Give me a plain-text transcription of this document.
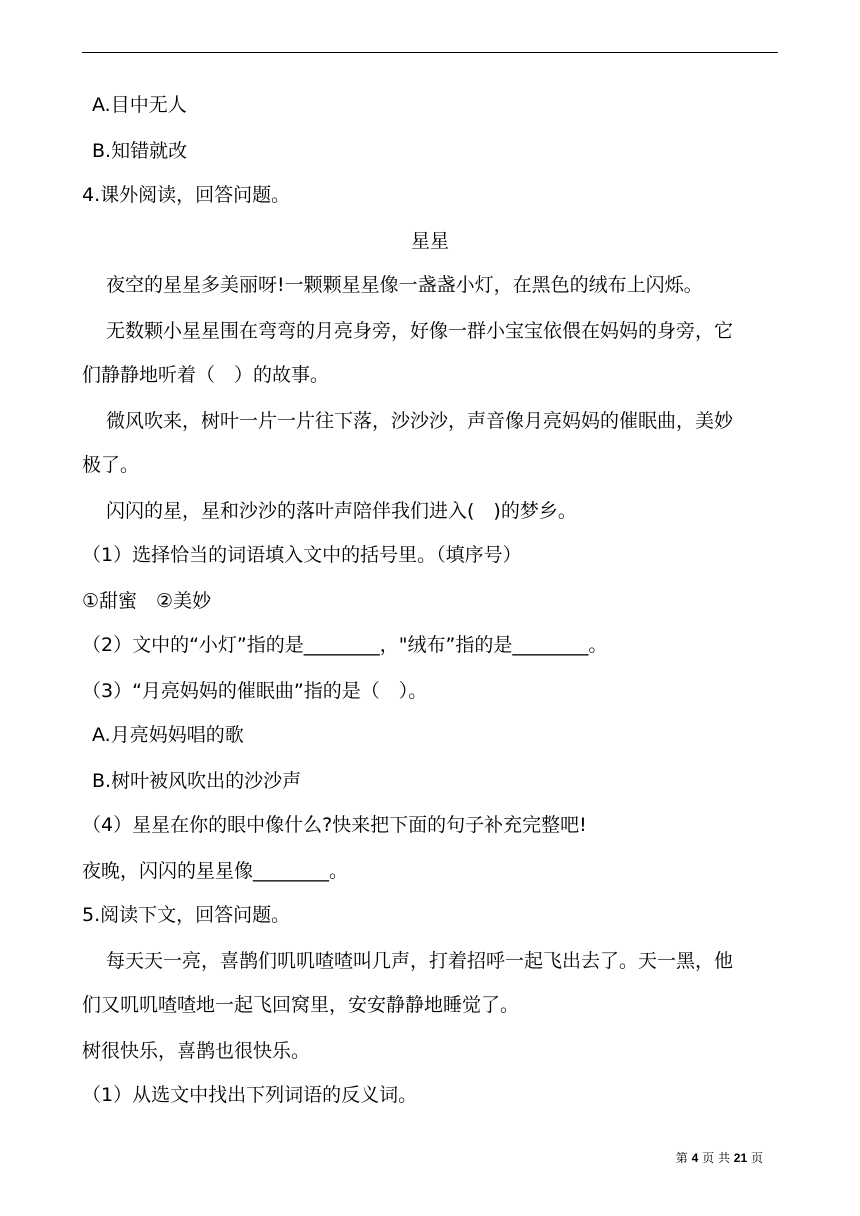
A.目中无人
B.知错就改
4.课外阅读，回答问题。
星星
夜空的星星多美丽呀!一颗颗星星像一盏盏小灯，在黑色的绒布上闪烁。
无数颗小星星围在弯弯的月亮身旁，好像一群小宝宝依偎在妈妈的身旁，它
们静静地听着（　）的故事。
微风吹来，树叶一片一片往下落，沙沙沙，声音像月亮妈妈的催眠曲，美妙
极了。
闪闪的星，星和沙沙的落叶声陪伴我们进入(　)的梦乡。
（1）选择恰当的词语填入文中的括号里。（填序号）
①甜蜜　②美妙
（2）文中的“小灯”指的是________，"绒布”指的是________。
（3）“月亮妈妈的催眠曲”指的是（　）。
A.月亮妈妈唱的歌
B.树叶被风吹出的沙沙声
（4）星星在你的眼中像什么?快来把下面的句子补充完整吧!
夜晚，闪闪的星星像________。
5.阅读下文，回答问题。
每天天一亮，喜鹊们叽叽喳喳叫几声，打着招呼一起飞出去了。天一黑，他
们又叽叽喳喳地一起飞回窝里，安安静静地睡觉了。
树很快乐，喜鹊也很快乐。
（1）从选文中找出下列词语的反义词。
第 4 页 共 21 页
